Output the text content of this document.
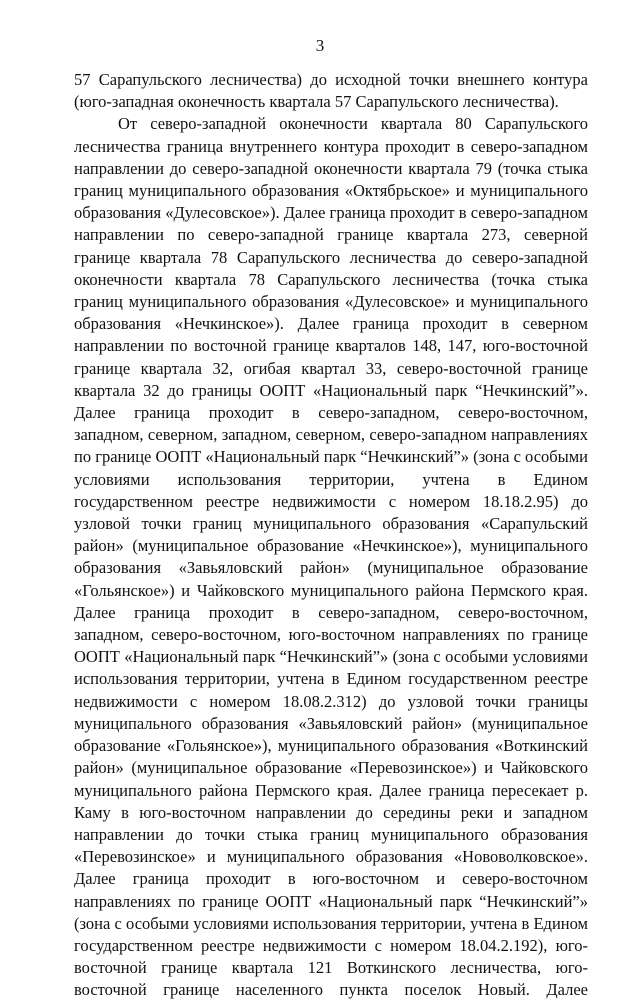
3

57 Сарапульского лесничества) до исходной точки внешнего контура (юго-западная оконечность квартала 57 Сарапульского лесничества).

От северо-западной оконечности квартала 80 Сарапульского лесничества граница внутреннего контура проходит в северо-западном направлении до северо-западной оконечности квартала 79 (точка стыка границ муниципального образования «Октябрьское» и муниципального образования «Дулесовское»). Далее граница проходит в северо-западном направлении по северо-западной границе квартала 273, северной границе квартала 78 Сарапульского лесничества до северо-западной оконечности квартала 78 Сарапульского лесничества (точка стыка границ муниципального образования «Дулесовское» и муниципального образования «Нечкинское»). Далее граница проходит в северном направлении по восточной границе кварталов 148, 147, юго-восточной границе квартала 32, огибая квартал 33, северо-восточной границе квартала 32 до границы ООПТ «Национальный парк “Нечкинский”». Далее граница проходит в северо-западном, северо-восточном, западном, северном, западном, северном, северо-западном направлениях по границе ООПТ «Национальный парк “Нечкинский”» (зона с особыми условиями использования территории, учтена в Едином государственном реестре недвижимости с номером 18.18.2.95) до узловой точки границ муниципального образования «Сарапульский район» (муниципальное образование «Нечкинское»), муниципального образования «Завьяловский район» (муниципальное образование «Гольянское») и Чайковского муниципального района Пермского края. Далее граница проходит в северо-западном, северо-восточном, западном, северо-восточном, юго-восточном направлениях по границе ООПТ «Национальный парк “Нечкинский”» (зона с особыми условиями использования территории, учтена в Едином государственном реестре недвижимости с номером 18.08.2.312) до узловой точки границы муниципального образования «Завьяловский район» (муниципальное образование «Гольянское»), муниципального образования «Воткинский район» (муниципальное образование «Перевозинское») и Чайковского муниципального района Пермского края. Далее граница пересекает р. Каму в юго-восточном направлении до середины реки и западном направлении до точки стыка границ муниципального образования «Перевозинское» и муниципального образования «Нововолковское». Далее граница проходит в юго-восточном и северо-восточном направлениях по границе ООПТ «Национальный парк “Нечкинский”» (зона с особыми условиями использования территории, учтена в Едином государственном реестре недвижимости с номером 18.04.2.192), юго-восточной границе квартала 121 Воткинского лесничества, юго-восточной границе населенного пункта поселок Новый. Далее
